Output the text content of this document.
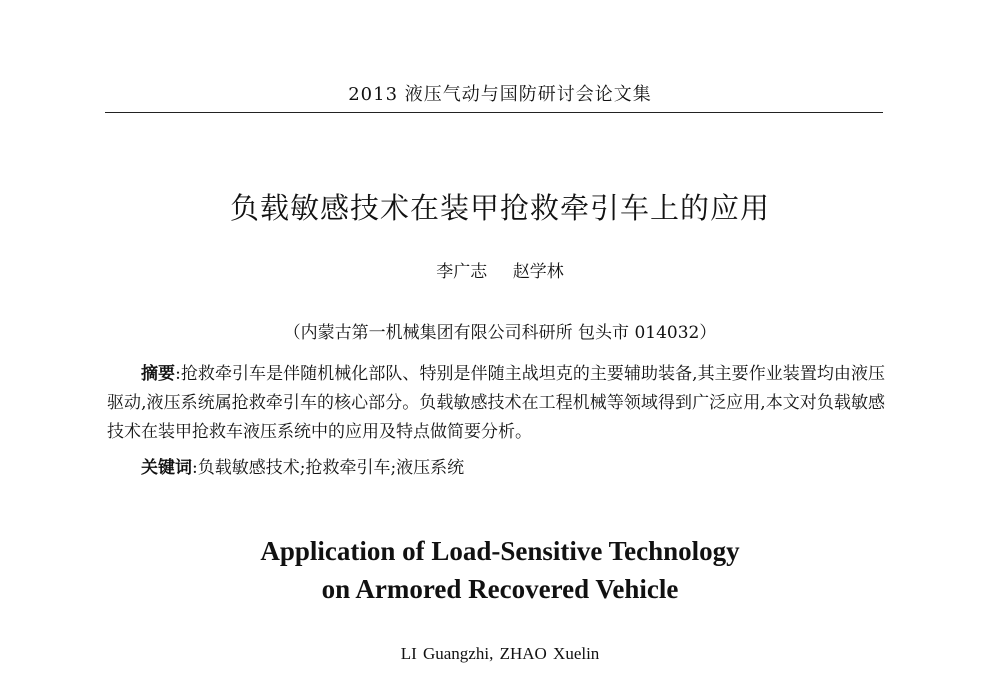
2013 液压气动与国防研讨会论文集
负载敏感技术在装甲抢救牵引车上的应用
李广志 赵学林
（内蒙古第一机械集团有限公司科研所 包头市 014032）
摘要:抢救牵引车是伴随机械化部队、特别是伴随主战坦克的主要辅助装备,其主要作业装置均由液压驱动,液压系统属抢救牵引车的核心部分。负载敏感技术在工程机械等领域得到广泛应用,本文对负载敏感技术在装甲抢救车液压系统中的应用及特点做简要分析。
关键词:负载敏感技术;抢救牵引车;液压系统
Application of Load-Sensitive Technology
on Armored Recovered Vehicle
LI Guangzhi, ZHAO Xuelin
